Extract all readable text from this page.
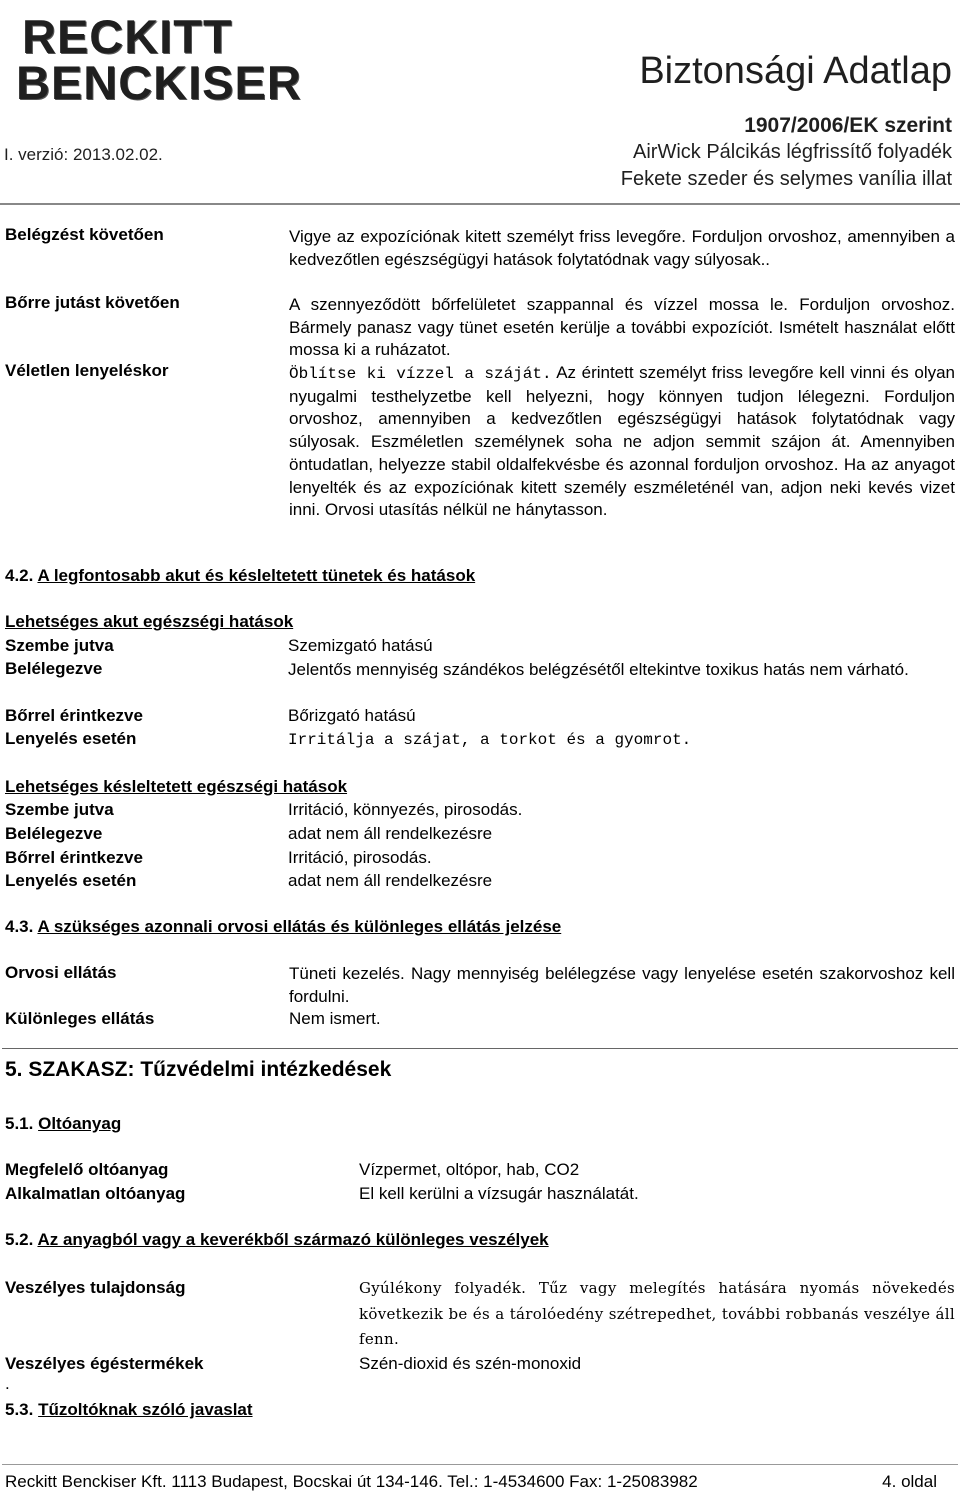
RECKITT
BENCKISER	Biztonsági Adatlap
1907/2006/EK szerint
I. verzió: 2013.02.02.	AirWick Pálcikás légfrissítő folyadék
Fekete szeder és selymes vanília illat
Belégzést követően	Vigye az expozíciónak kitett személyt friss levegőre. Forduljon orvoshoz, amennyiben a kedvezőtlen egészségügyi hatások folytatódnak vagy súlyosak..
Bőrre jutást követően	A szennyeződött bőrfelületet szappannal és vízzel mossa le. Forduljon orvoshoz. Bármely panasz vagy tünet esetén kerülje a további expozíciót. Ismételt használat előtt mossa ki a ruházatot.
Véletlen lenyeléskor	Öblítse ki vízzel a száját. Az érintett személyt friss levegőre kell vinni és olyan nyugalmi testhelyzetbe kell helyezni, hogy könnyen tudjon lélegezni. Forduljon orvoshoz, amennyiben a kedvezőtlen egészségügyi hatások folytatódnak vagy súlyosak. Eszméletlen személynek soha ne adjon semmit szájon át. Amennyiben öntudatlan, helyezze stabil oldalfekvésbe és azonnal forduljon orvoshoz. Ha az anyagot lenyelték és az expozíciónak kitett személy eszméleténél van, adjon neki kevés vizet inni. Orvosi utasítás nélkül ne hánytasson.
4.2. A legfontosabb akut és késleltetett tünetek és hatások
Lehetséges akut egészségi hatások
Szembe jutva	Szemizgató hatású
Belélegezve	Jelentős mennyiség szándékos belégzésétől eltekintve toxikus hatás nem várható.
Bőrrel érintkezve	Bőrizgató hatású
Lenyelés esetén	Irritálja a szájat, a torkot és a gyomrot.
Lehetséges késleltetett egészségi hatások
Szembe jutva	Irritáció, könnyezés, pirosodás.
Belélegezve	adat nem áll rendelkezésre
Bőrrel érintkezve	Irritáció, pirosodás.
Lenyelés esetén	adat nem áll rendelkezésre
4.3. A szükséges azonnali orvosi ellátás és különleges ellátás jelzése
Orvosi ellátás	Tüneti kezelés. Nagy mennyiség belélegzése vagy lenyelése esetén szakorvoshoz kell fordulni.
Különleges ellátás	Nem ismert.
5. SZAKASZ: Tűzvédelmi intézkedések
5.1. Oltóanyag
Megfelelő oltóanyag	Vízpermet, oltópor, hab, CO2
Alkalmatlan oltóanyag	El kell kerülni a vízsugár használatát.
5.2. Az anyagból vagy a keverékből származó különleges veszélyek
Veszélyes tulajdonság	Gyúlékony folyadék. Tűz vagy melegítés hatására nyomás növekedés következik be és a tárolóedény szétrepedhet, további robbanás veszélye áll fenn.
Veszélyes égéstermékek	Szén-dioxid és szén-monoxid
.
5.3. Tűzoltóknak szóló javaslat
Reckitt Benckiser Kft. 1113 Budapest, Bocskai út 134-146. Tel.: 1-4534600 Fax: 1-25083982	4. oldal
